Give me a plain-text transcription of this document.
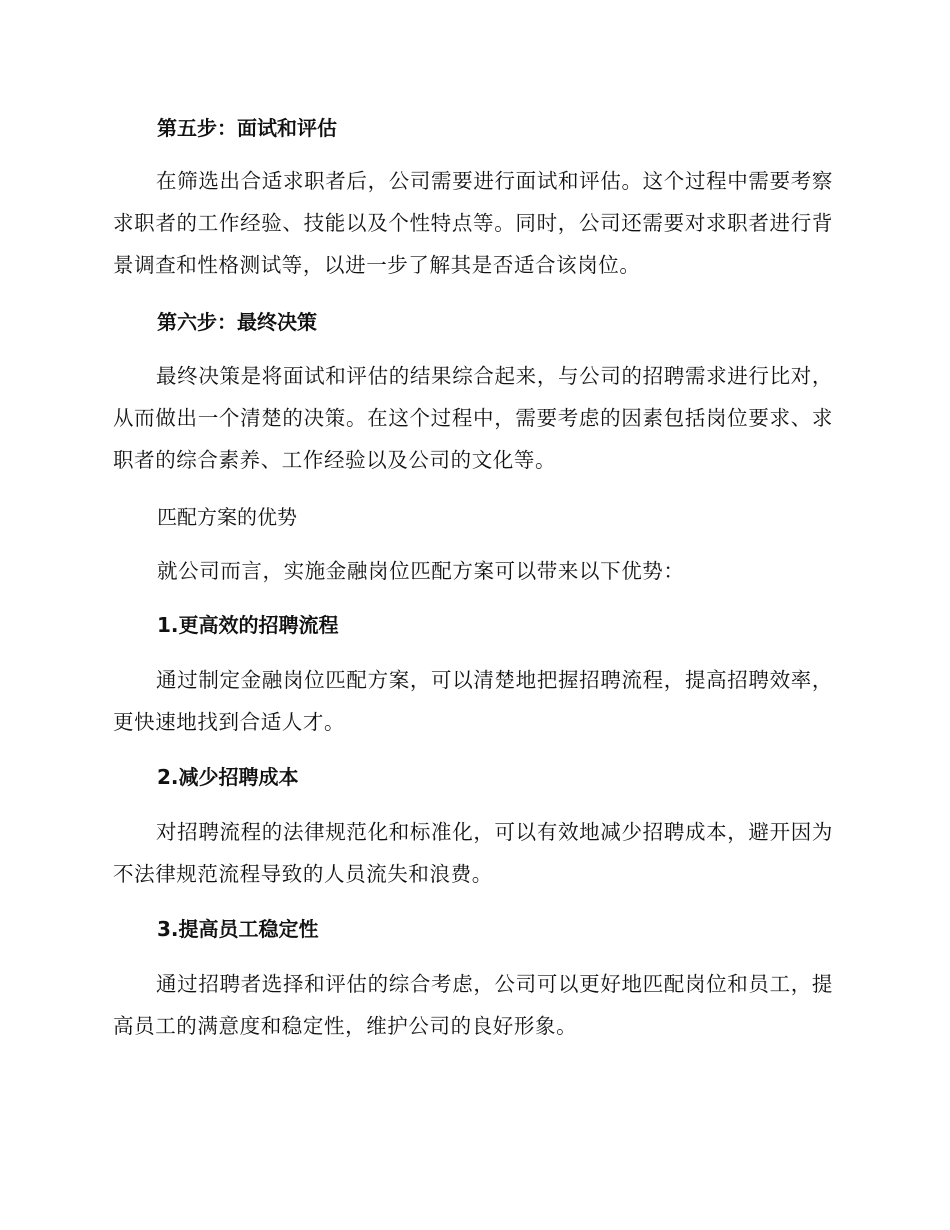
第五步：面试和评估
在筛选出合适求职者后，公司需要进行面试和评估。这个过程中需要考察求职者的工作经验、技能以及个性特点等。同时，公司还需要对求职者进行背景调查和性格测试等，以进一步了解其是否适合该岗位。
第六步：最终决策
最终决策是将面试和评估的结果综合起来，与公司的招聘需求进行比对，从而做出一个清楚的决策。在这个过程中，需要考虑的因素包括岗位要求、求职者的综合素养、工作经验以及公司的文化等。
匹配方案的优势
就公司而言，实施金融岗位匹配方案可以带来以下优势：
1.更高效的招聘流程
通过制定金融岗位匹配方案，可以清楚地把握招聘流程，提高招聘效率，更快速地找到合适人才。
2.减少招聘成本
对招聘流程的法律规范化和标准化，可以有效地减少招聘成本，避开因为不法律规范流程导致的人员流失和浪费。
3.提高员工稳定性
通过招聘者选择和评估的综合考虑，公司可以更好地匹配岗位和员工，提高员工的满意度和稳定性，维护公司的良好形象。
